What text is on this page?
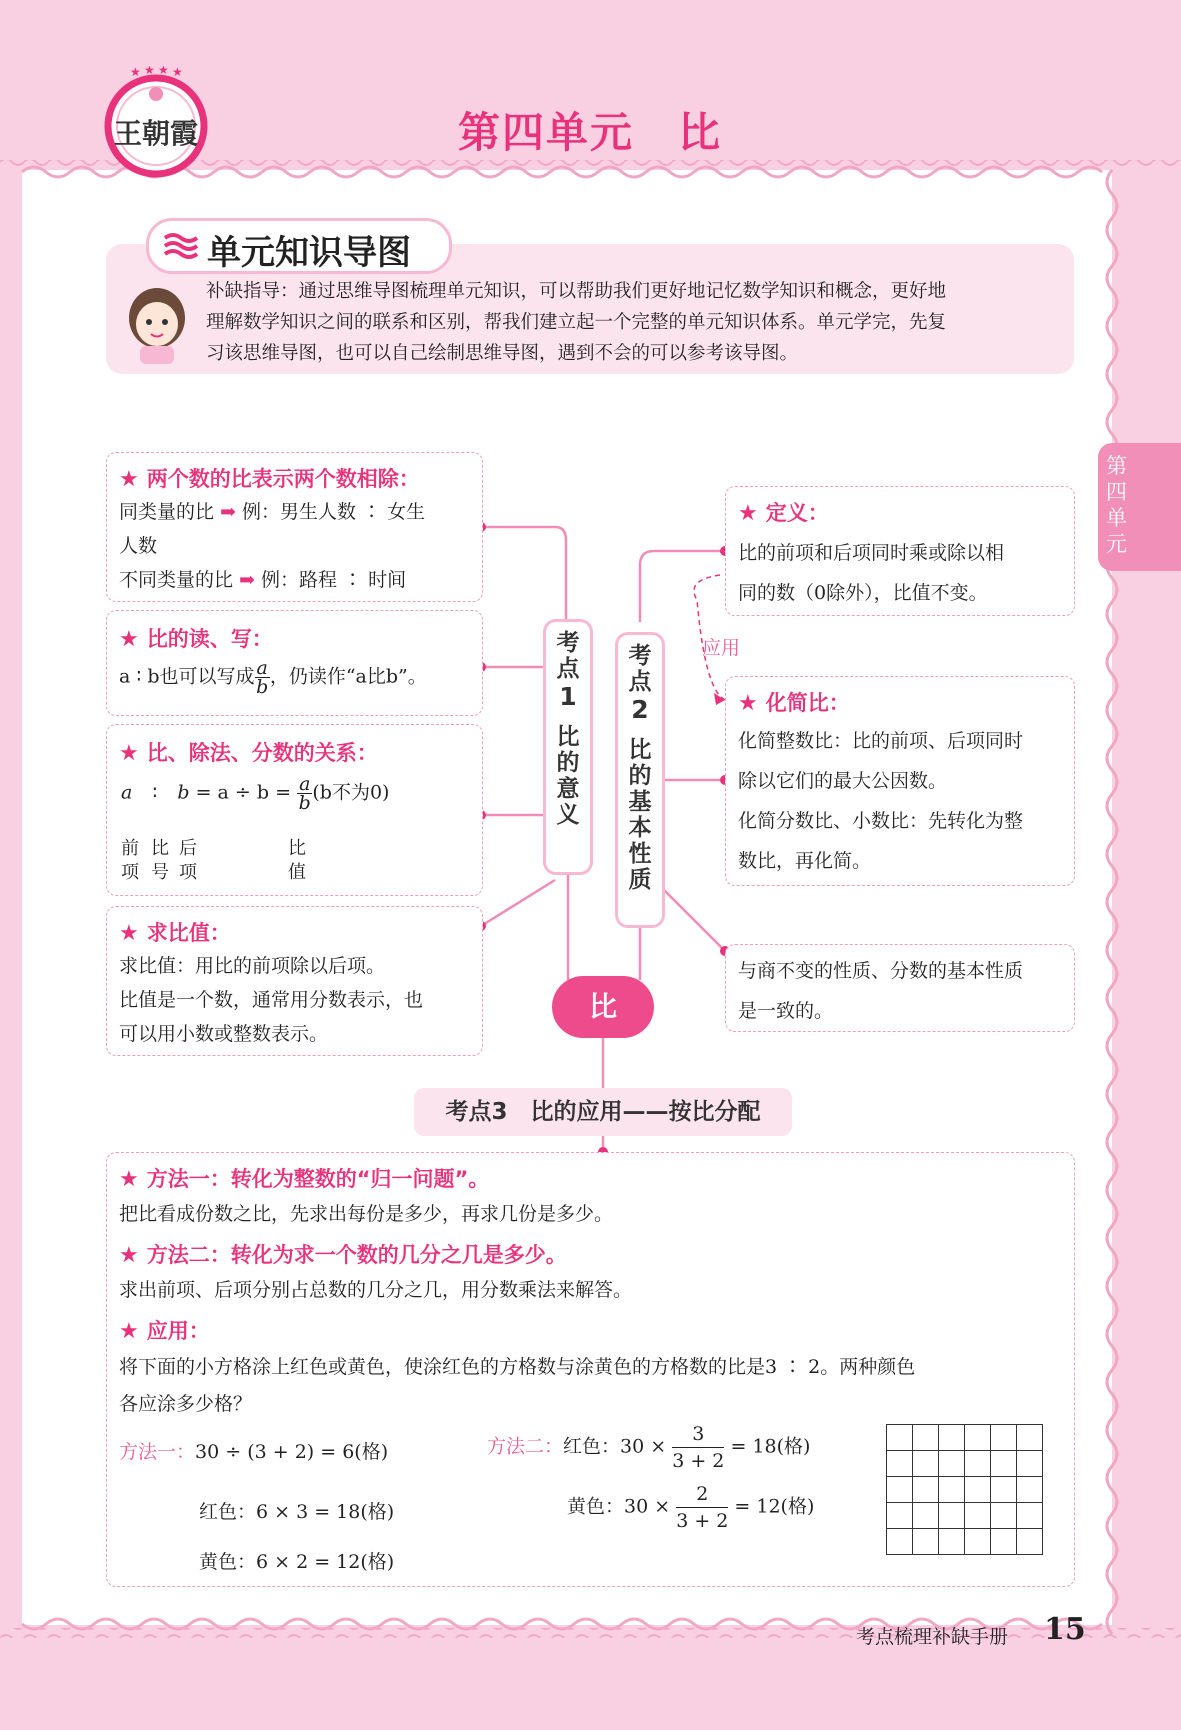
★ ★ ★ ★
王朝霞	第四单元　比
第四单元
单元知识导图
补缺指导：通过思维导图梳理单元知识，可以帮助我们更好地记忆数学知识和概念，更好地
理解数学知识之间的联系和区别，帮我们建立起一个完整的单元知识体系。单元学完，先复
习该思维导图，也可以自己绘制思维导图，遇到不会的可以参考该导图。
★ 两个数的比表示两个数相除：
同类量的比 ➡ 例：男生人数 ∶ 女生
人数
不同类量的比 ➡ 例：路程 ∶ 时间
★ 比的读、写：
a ∶ b也可以写成 $\frac{a}{b}$ ，仍读作“a比b”。
★ 比、除法、分数的关系：
a ∶ $b = a \div b = \frac{a}{b} (b$不为0)
前
项
比
号
后
项
比
值
★ 求比值：
求比值：用比的前项除以后项。
比值是一个数，通常用分数表示，也
可以用小数或整数表示。
★ 定义：
比的前项和后项同时乘或除以相
同的数（0除外），比值不变。
应用
★ 化简比：
化简整数比：比的前项、后项同时
除以它们的最大公因数。
化简分数比、小数比：先转化为整
数比，再化简。
与商不变的性质、分数的基本性质
是一致的。
考点
1
比的意义
考点
2
比的基本性质
比
考点3　比的应用——按比分配
★ 方法一：转化为整数的“归一问题”。
把比看成份数之比，先求出每份是多少，再求几份是多少。
★ 方法二：转化为求一个数的几分之几是多少。
求出前项、后项分别占总数的几分之几，用分数乘法来解答。
★ 应用：
将下面的小方格涂上红色或黄色，使涂红色的方格数与涂黄色的方格数的比是3 ∶ 2。两种颜色
各应涂多少格？
方法一：30 ÷ (3 + 2) = 6(格)
红色：6 × 3 = 18(格)
黄色：6 × 2 = 12(格)
方法二：红色：$30 \times \frac{3}{3 + 2} = 18$(格)
黄色：$30 \times \frac{2}{3 + 2} = 12$(格)

考点梳理补缺手册 15
